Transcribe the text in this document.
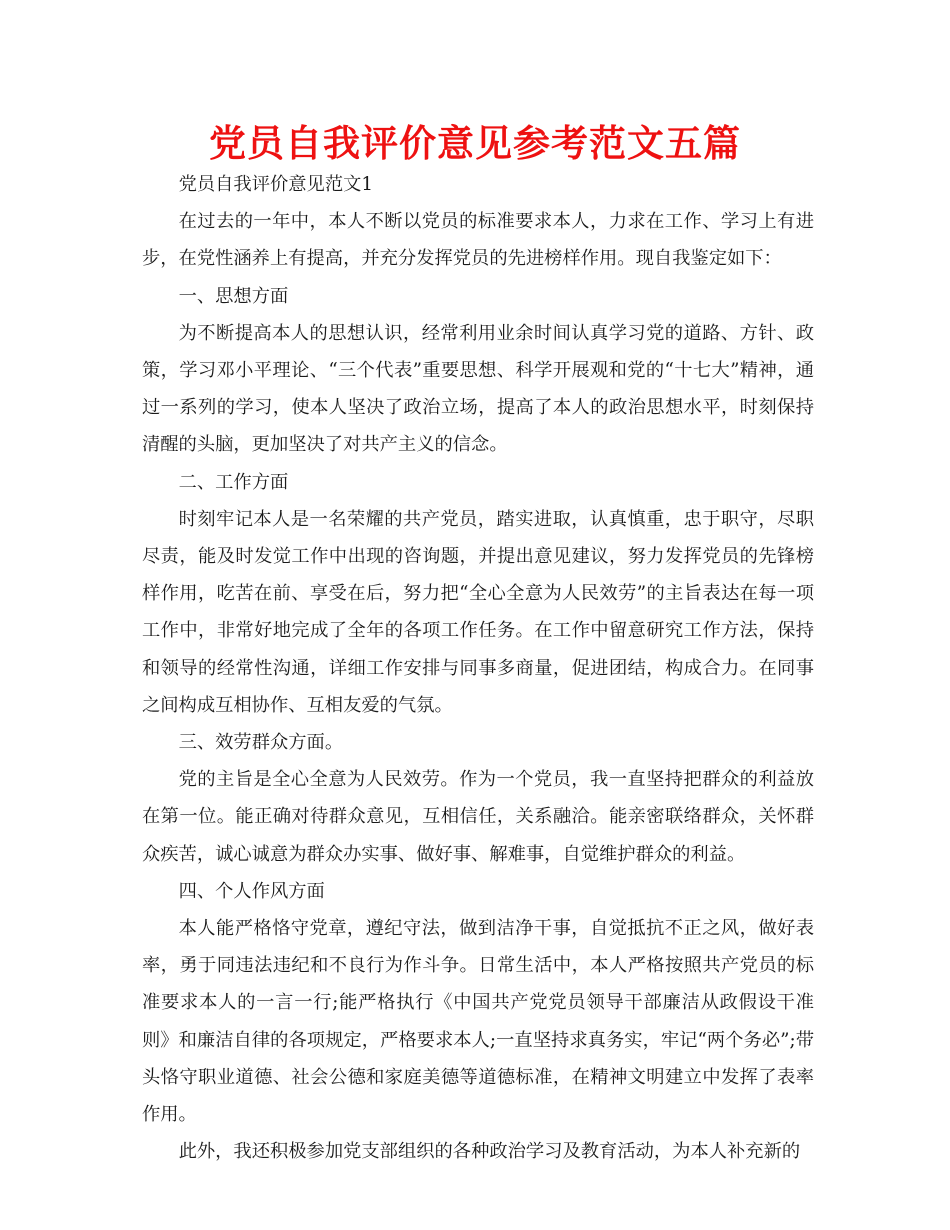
党员自我评价意见参考范文五篇

党员自我评价意见范文1

在过去的一年中，本人不断以党员的标准要求本人，力求在工作、学习上有进步，在党性涵养上有提高，并充分发挥党员的先进榜样作用。现自我鉴定如下：

一、思想方面

为不断提高本人的思想认识，经常利用业余时间认真学习党的道路、方针、政策，学习邓小平理论、“三个代表”重要思想、科学开展观和党的“十七大”精神，通过一系列的学习，使本人坚决了政治立场，提高了本人的政治思想水平，时刻保持清醒的头脑，更加坚决了对共产主义的信念。

二、工作方面

时刻牢记本人是一名荣耀的共产党员，踏实进取，认真慎重，忠于职守，尽职尽责，能及时发觉工作中出现的咨询题，并提出意见建议，努力发挥党员的先锋榜样作用，吃苦在前、享受在后，努力把“全心全意为人民效劳”的主旨表达在每一项工作中，非常好地完成了全年的各项工作任务。在工作中留意研究工作方法，保持和领导的经常性沟通，详细工作安排与同事多商量，促进团结，构成合力。在同事之间构成互相协作、互相友爱的气氛。

三、效劳群众方面。

党的主旨是全心全意为人民效劳。作为一个党员，我一直坚持把群众的利益放在第一位。能正确对待群众意见，互相信任，关系融洽。能亲密联络群众，关怀群众疾苦，诚心诚意为群众办实事、做好事、解难事，自觉维护群众的利益。

四、个人作风方面

本人能严格恪守党章，遵纪守法，做到洁净干事，自觉抵抗不正之风，做好表率，勇于同违法违纪和不良行为作斗争。日常生活中，本人严格按照共产党员的标准要求本人的一言一行;能严格执行《中国共产党党员领导干部廉洁从政假设干准则》和廉洁自律的各项规定，严格要求本人;一直坚持求真务实，牢记“两个务必”;带头恪守职业道德、社会公德和家庭美德等道德标准，在精神文明建立中发挥了表率作用。

此外，我还积极参加党支部组织的各种政治学习及教育活动，为本人补充新的
